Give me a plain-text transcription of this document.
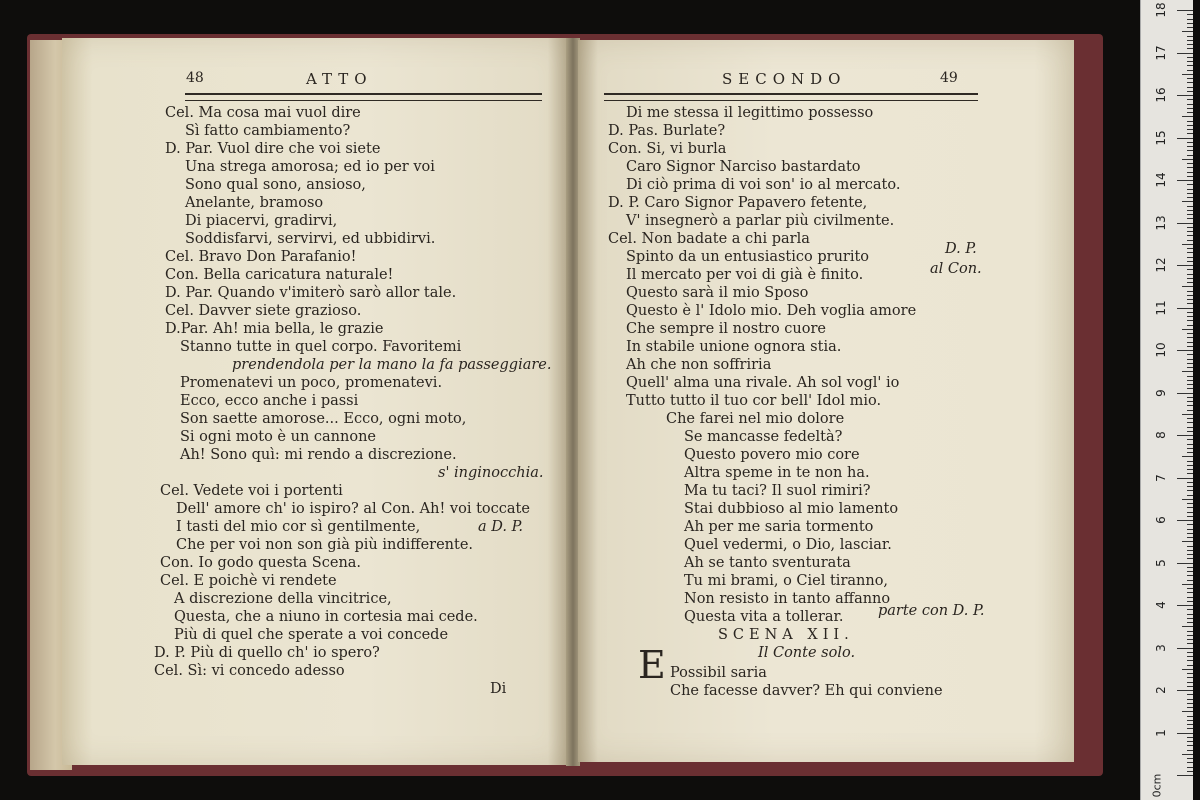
48	ATTO
Cel. Ma cosa mai vuol dire
Sì fatto cambiamento?
D. Par. Vuol dire che voi siete
Una strega amorosa; ed io per voi
Sono qual sono, ansioso,
Anelante, bramoso
Di piacervi, gradirvi,
Soddisfarvi, servirvi, ed ubbidirvi.
Cel. Bravo Don Parafanio!
Con. Bella caricatura naturale!
D. Par. Quando v'imiterò sarò allor tale.
Cel. Davver siete grazioso.
D.Par. Ah! mia bella, le grazie
Stanno tutte in quel corpo. Favoritemi
prendendola per la mano la fa passeggiare.
Promenatevi un poco, promenatevi.
Ecco, ecco anche i passi
Son saette amorose... Ecco, ogni moto,
Si ogni moto è un cannone
Ah! Sono quì: mi rendo a discrezione.
s' inginocchia.
Cel. Vedete voi i portenti
Dell' amore ch' io ispiro? al Con. Ah! voi toccate
I tasti del mio cor sì gentilmente,	a D. P.
Che per voi non son già più indifferente.
Con. Io godo questa Scena.
Cel. E poichè vi rendete
A discrezione della vincitrice,
Questa, che a niuno in cortesia mai cede.
Più di quel che sperate a voi concede
D. P. Più di quello ch' io spero?
Cel. Sì: vi concedo adesso
Di
SECONDO	49
Di me stessa il legittimo possesso
D. Pas. Burlate?
Con. Si, vi burla
Caro Signor Narciso bastardato
Di ciò prima di voi son' io al mercato.
D. P. Caro Signor Papavero fetente,
V' insegnerò a parlar più civilmente.
Cel. Non badate a chi parla
Spinto da un entusiastico prurito	D. P.
Il mercato per voi di già è finito.	al Con.
Questo sarà il mio Sposo
Questo è l' Idolo mio. Deh voglia amore
Che sempre il nostro cuore
In stabile unione ognora stia.
Ah che non soffriria
Quell' alma una rivale. Ah sol vogl' io
Tutto tutto il tuo cor bell' Idol mio.
Che farei nel mio dolore
Se mancasse fedeltà?
Questo povero mio core
Altra speme in te non ha.
Ma tu taci? Il suol rimiri?
Stai dubbioso al mio lamento
Ah per me saria tormento
Quel vedermi, o Dio, lasciar.
Ah se tanto sventurata
Tu mi brami, o Ciel tiranno,
Non resisto in tanto affanno
Questa vita a tollerar. parte con D. P.
SCENA XII.
Il Conte solo.
E Possibil saria
Che facesse davver? Eh qui conviene
0cm
1
2
3
4
5
6
7
8
9
10
11
12
13
14
15
16
17
18
